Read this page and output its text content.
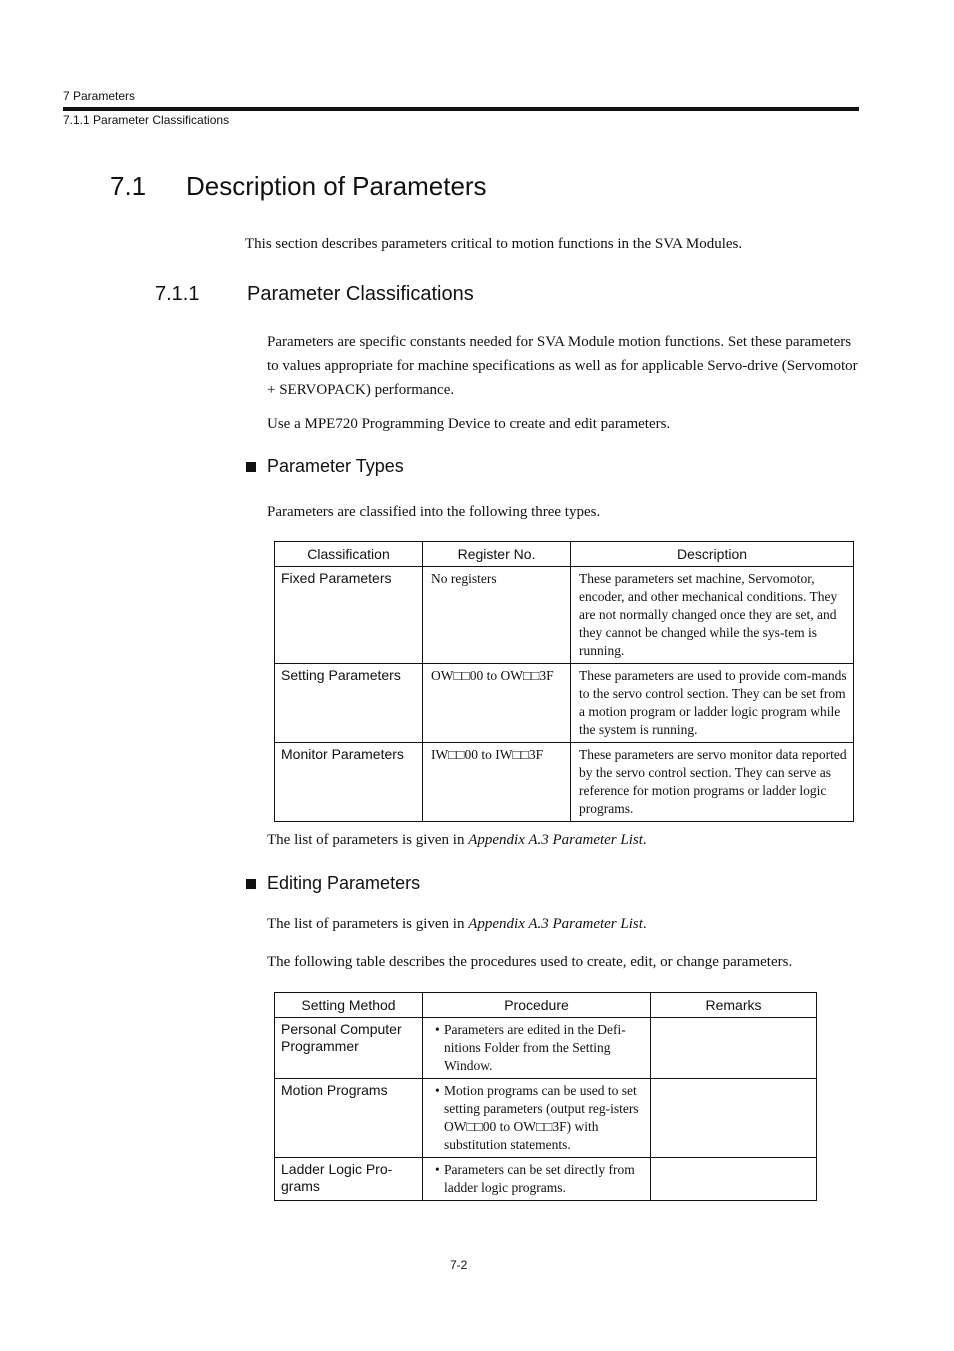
7 Parameters
7.1.1 Parameter Classifications
7.1 Description of Parameters
This section describes parameters critical to motion functions in the SVA Modules.
7.1.1 Parameter Classifications
Parameters are specific constants needed for SVA Module motion functions. Set these parameters to values appropriate for machine specifications as well as for applicable Servo-drive (Servomotor + SERVOPACK) performance.
Use a MPE720 Programming Device to create and edit parameters.
Parameter Types
Parameters are classified into the following three types.
Classification	Register No.	Description
Fixed Parameters	No registers	These parameters set machine, Servomotor, encoder, and other mechanical conditions. They are not normally changed once they are set, and they cannot be changed while the sys-tem is running.
Setting Parameters	OW□□00 to OW□□3F	These parameters are used to provide com-mands to the servo control section. They can be set from a motion program or ladder logic program while the system is running.
Monitor Parameters	IW□□00 to IW□□3F	These parameters are servo monitor data reported by the servo control section. They can serve as reference for motion programs or ladder logic programs.
The list of parameters is given in Appendix A.3 Parameter List.
Editing Parameters
The list of parameters is given in Appendix A.3 Parameter List.
The following table describes the procedures used to create, edit, or change parameters.
Setting Method	Procedure	Remarks
Personal Computer Programmer	• Parameters are edited in the Defi-nitions Folder from the Setting Window.	

Motion Programs	• Motion programs can be used to set setting parameters (output reg-isters OW□□00 to OW□□3F) with substitution statements.	

Ladder Logic Pro-grams	• Parameters can be set directly from ladder logic programs.	

7-2
